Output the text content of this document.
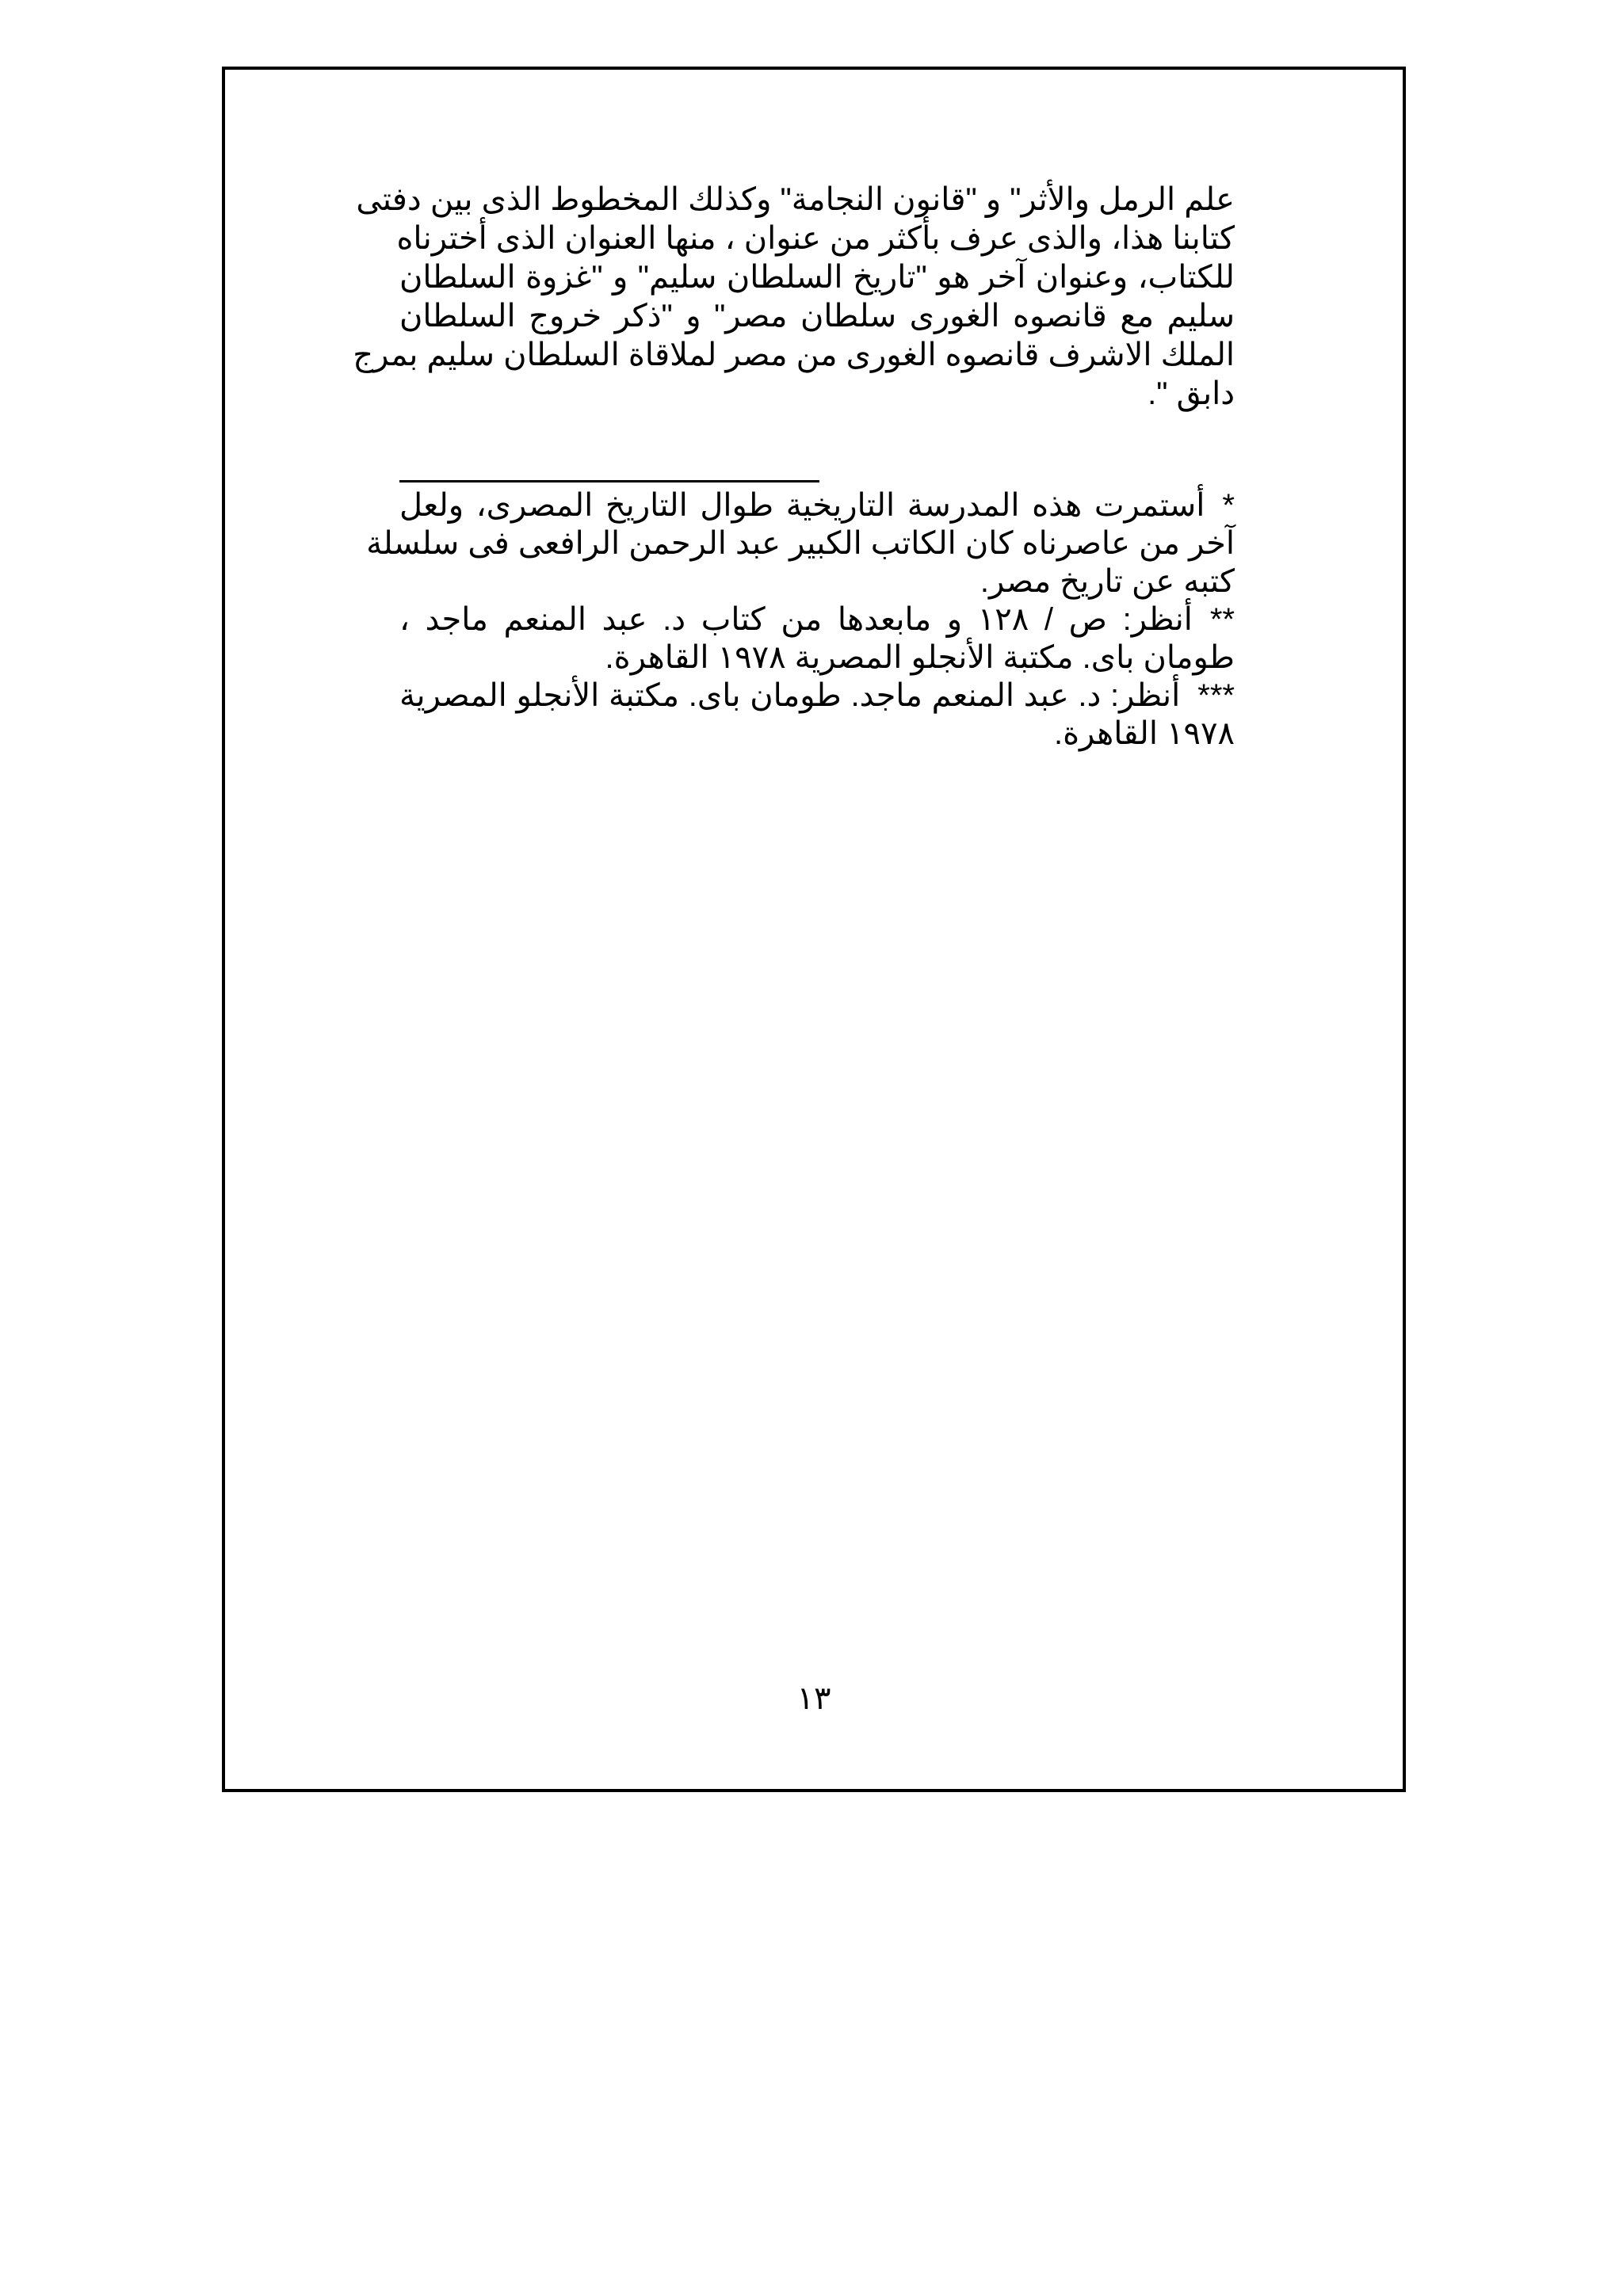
علم الرمل والأثر" و "قانون النجامة" وكذلك المخطوط الذى بين دفتى
كتابنا هذا، والذى عرف بأكثر من عنوان ، منها العنوان الذى أخترناه
للكتاب، وعنوان آخر هو "تاريخ السلطان سليم" و "غزوة السلطان
سليم مع قانصوه الغورى سلطان مصر" و "ذكر خروج السلطان
الملك الاشرف قانصوه الغورى من مصر لملاقاة السلطان سليم بمرج
دابق ".
*أستمرت هذه المدرسة التاريخية طوال التاريخ المصرى، ولعل
آخر من عاصرناه كان الكاتب الكبير عبد الرحمن الرافعى فى سلسلة
كتبه عن تاريخ مصر.
**أنظر: ص / ١٢٨ و مابعدها من كتاب د. عبد المنعم ماجد ،
طومان باى. مكتبة الأنجلو المصرية ١٩٧٨ القاهرة.
***أنظر: د. عبد المنعم ماجد. طومان باى. مكتبة الأنجلو المصرية
١٩٧٨ القاهرة.
١٣
